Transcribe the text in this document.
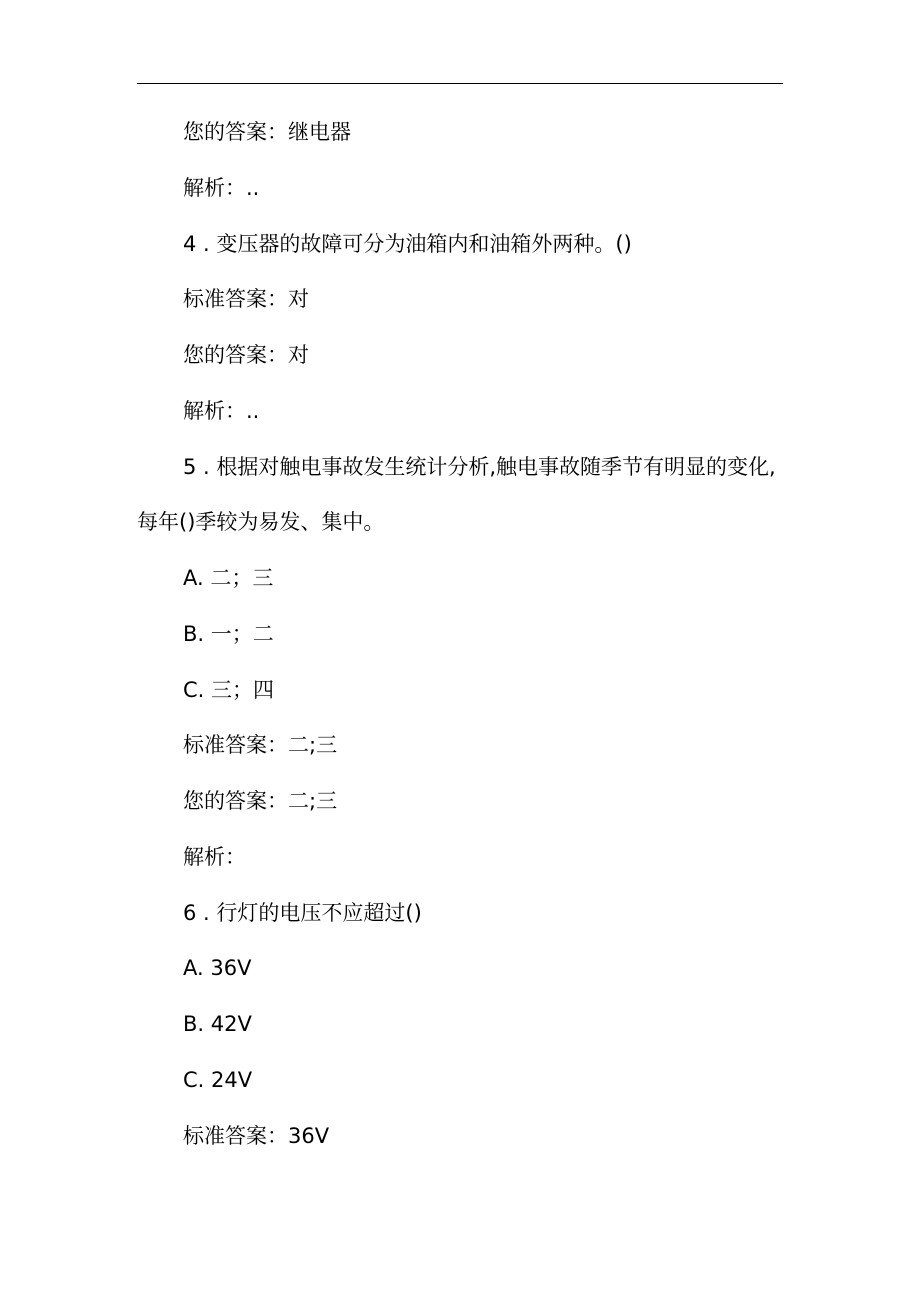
您的答案：继电器
解析：..
4 . 变压器的故障可分为油箱内和油箱外两种。()
标准答案：对
您的答案：对
解析：..
5 . 根据对触电事故发生统计分析,触电事故随季节有明显的变化,
每年()季较为易发、集中。
A. 二；三
B. 一；二
C. 三；四
标准答案：二;三
您的答案：二;三
解析：
6 . 行灯的电压不应超过()
A. 36V
B. 42V
C. 24V
标准答案：36V
